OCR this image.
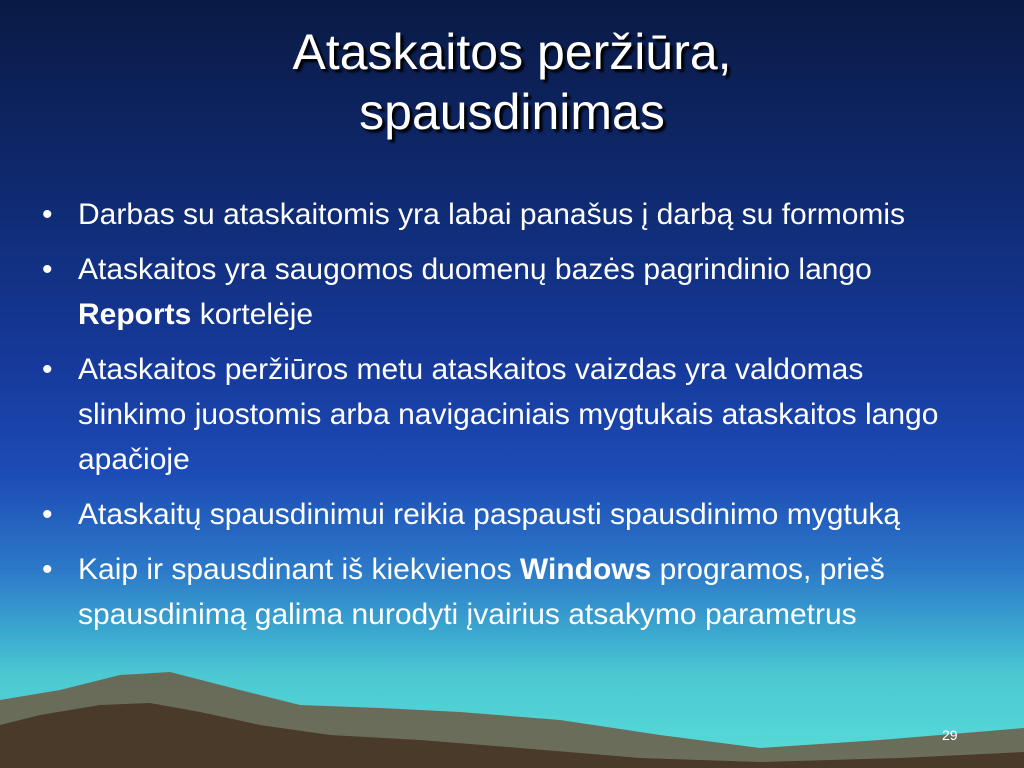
Ataskaitos peržiūra,
spausdinimas
• Darbas su ataskaitomis yra labai panašus į darbą su formomis
• Ataskaitos yra saugomos duomenų bazės pagrindinio lango Reports kortelėje
• Ataskaitos peržiūros metu ataskaitos vaizdas yra valdomas slinkimo juostomis arba navigaciniais mygtukais ataskaitos lango apačioje
• Ataskaitų spausdinimui reikia paspausti spausdinimo mygtuką
• Kaip ir spausdinant iš kiekvienos Windows programos, prieš spausdinimą galima nurodyti įvairius atsakymo parametrus
29
